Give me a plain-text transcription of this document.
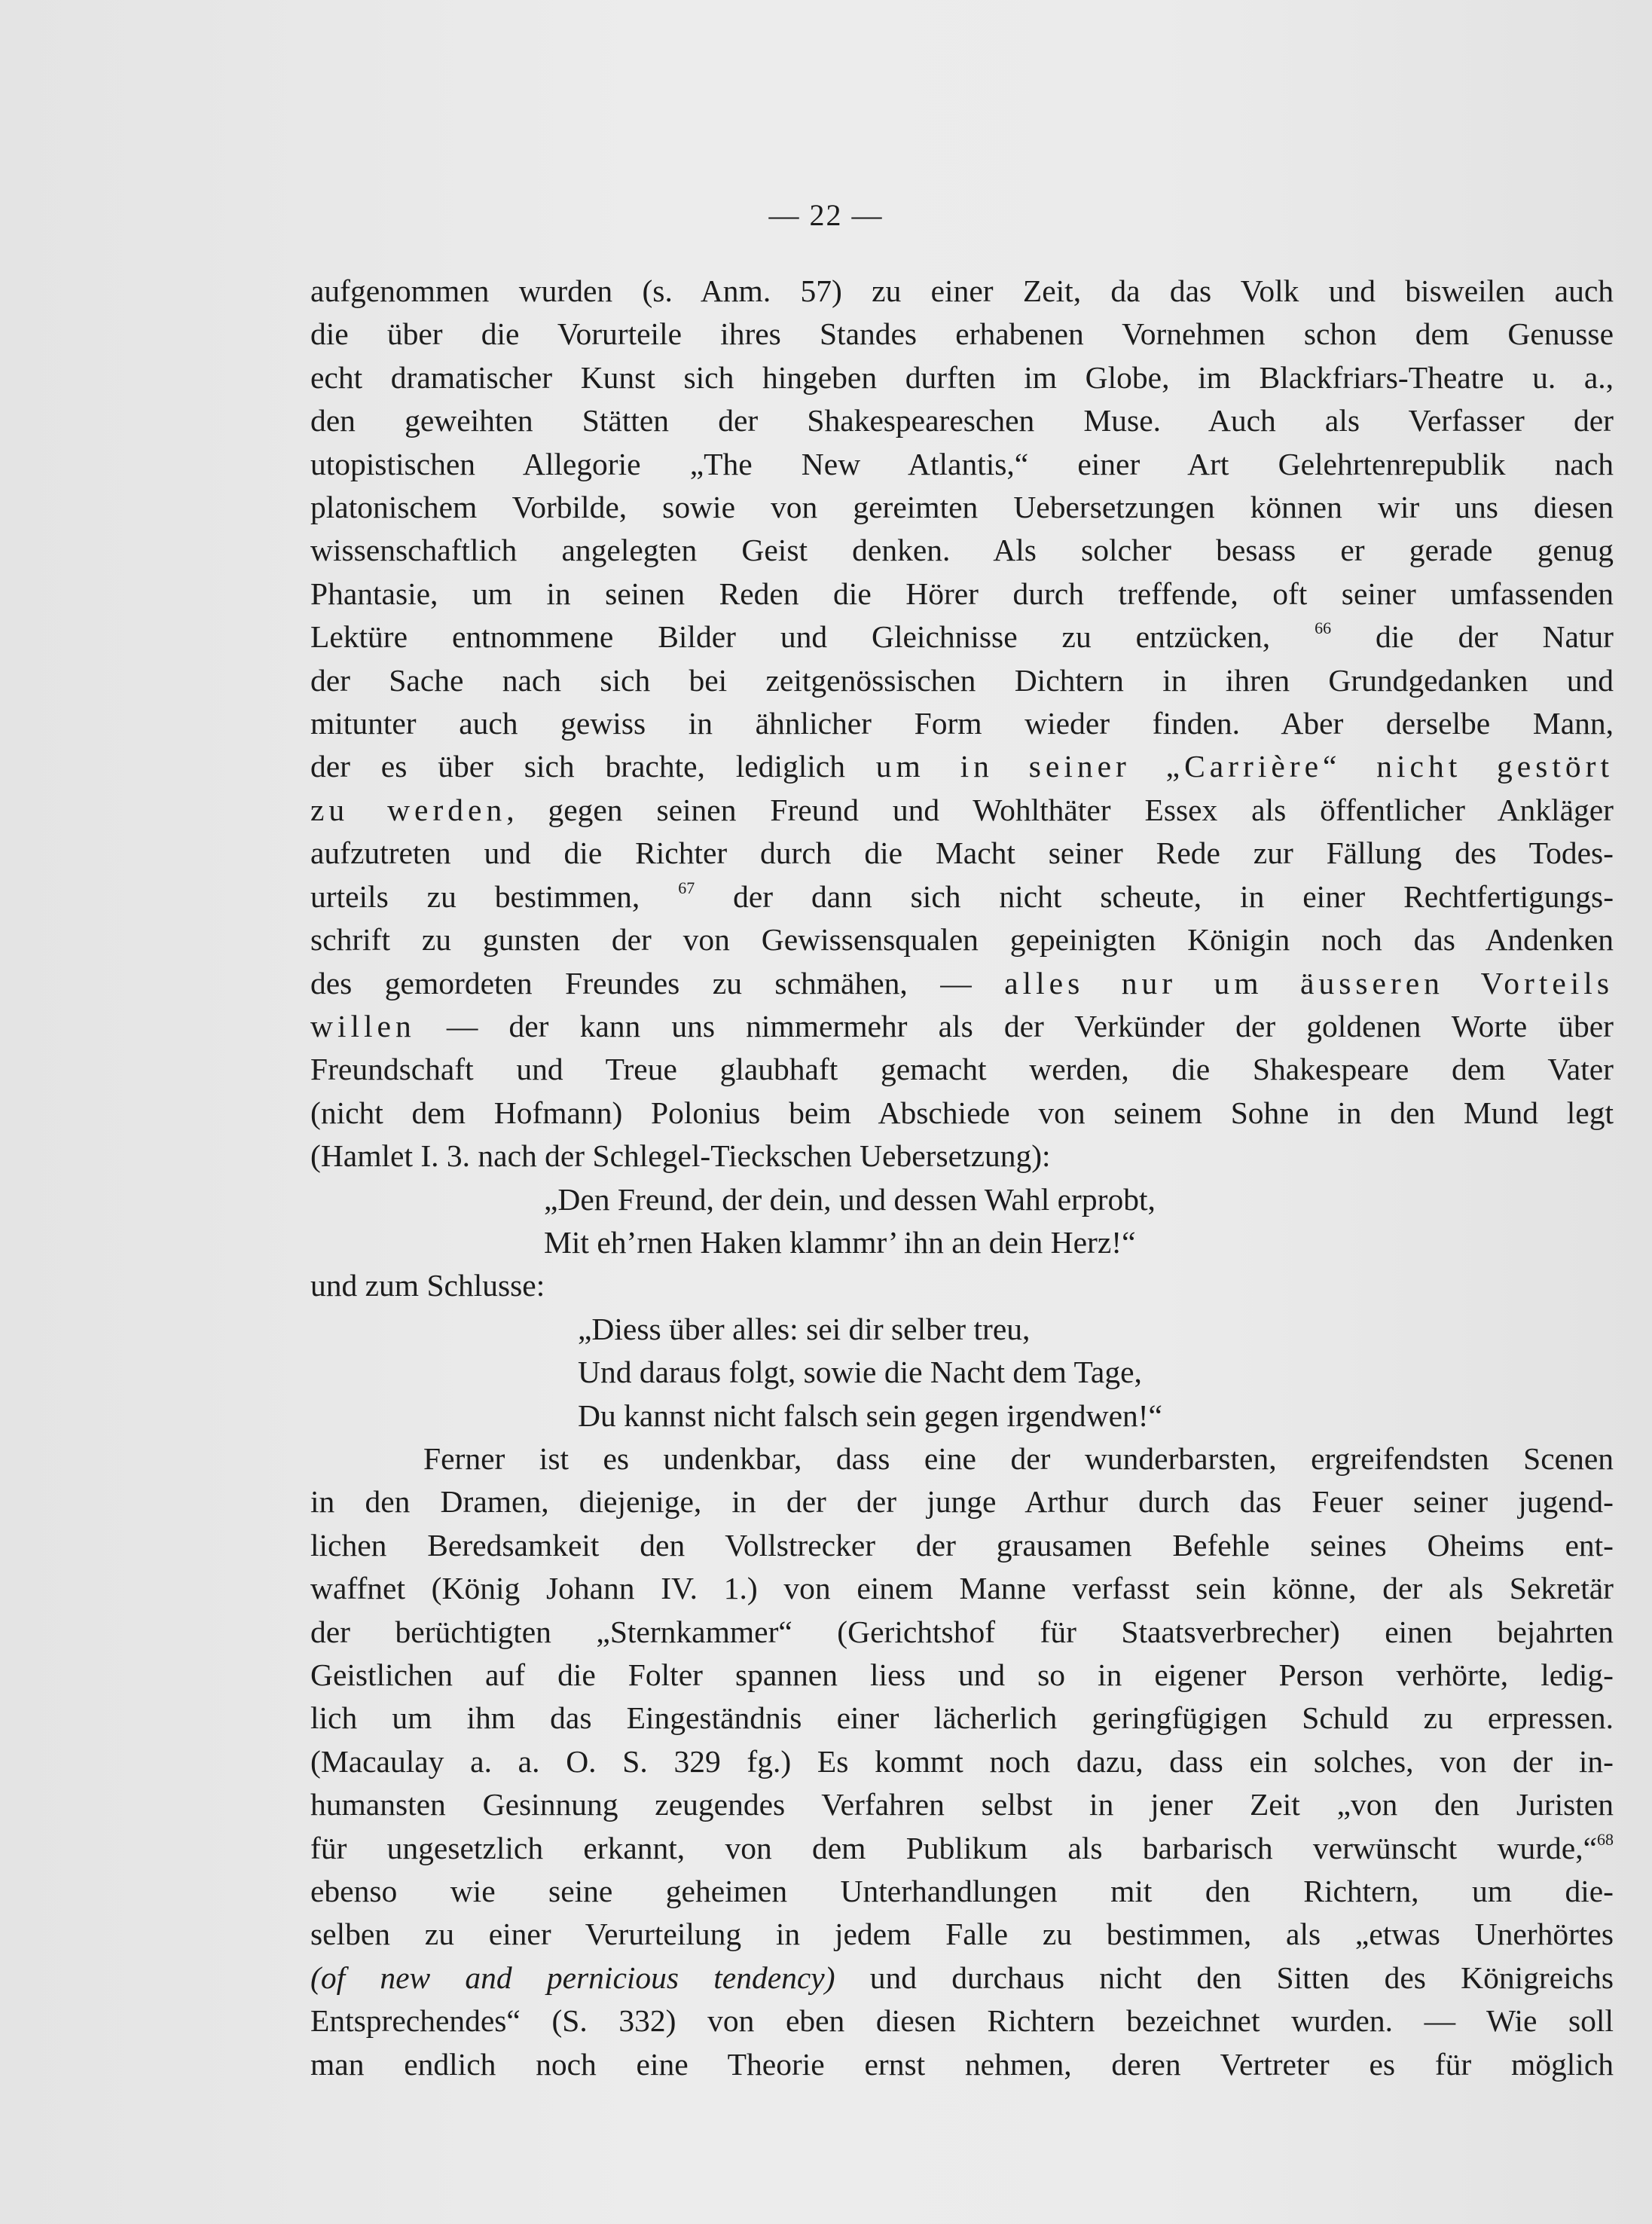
— 22 —
aufgenommen wurden (s. Anm. 57) zu einer Zeit, da das Volk und bisweilen auch
die über die Vorurteile ihres Standes erhabenen Vornehmen schon dem Genusse
echt dramatischer Kunst sich hingeben durften im Globe, im Blackfriars-Theatre u. a.,
den geweihten Stätten der Shakespeareschen Muse. Auch als Verfasser der
utopistischen Allegorie „The New Atlantis,“ einer Art Gelehrtenrepublik nach
platonischem Vorbilde, sowie von gereimten Uebersetzungen können wir uns diesen
wissenschaftlich angelegten Geist denken. Als solcher besass er gerade genug
Phantasie, um in seinen Reden die Hörer durch treffende, oft seiner umfassenden
Lektüre entnommene Bilder und Gleichnisse zu entzücken,	$^{66}$ die der Natur
der Sache nach sich bei zeitgenössischen Dichtern in ihren Grundgedanken und
mitunter auch gewiss in ähnlicher Form wieder finden. Aber derselbe Mann,
der es über sich brachte, lediglich um in seiner „Carrière“ nicht gestört
zu werden, gegen seinen Freund und Wohlthäter Essex als öffentlicher Ankläger
aufzutreten und die Richter durch die Macht seiner Rede zur Fällung des Todes-
urteils zu bestimmen, $^{67}$ der dann sich nicht scheute, in einer Rechtfertigungs-
schrift zu gunsten der von Gewissensqualen gepeinigten Königin noch das Andenken
des gemordeten Freundes zu schmähen, — alles nur um äusseren Vorteils
willen — der kann uns nimmermehr als der Verkünder der goldenen Worte über
Freundschaft und Treue glaubhaft gemacht werden, die Shakespeare dem Vater
(nicht dem Hofmann) Polonius beim Abschiede von seinem Sohne in den Mund legt
(Hamlet I. 3. nach der Schlegel-Tieckschen Uebersetzung):
„Den Freund, der dein, und dessen Wahl erprobt,
Mit eh’rnen Haken klammr’ ihn an dein Herz!“
und zum Schlusse:
„Diess über alles: sei dir selber treu,
Und daraus folgt, sowie die Nacht dem Tage,
Du kannst nicht falsch sein gegen irgendwen!“
Ferner ist es undenkbar, dass eine der wunderbarsten, ergreifendsten Scenen
in den Dramen, diejenige, in der der junge Arthur durch das Feuer seiner jugend-
lichen Beredsamkeit den Vollstrecker der grausamen Befehle seines Oheims ent-
waffnet (König Johann IV. 1.) von einem Manne verfasst sein könne, der als Sekretär
der berüchtigten „Sternkammer“ (Gerichtshof für Staatsverbrecher) einen bejahrten
Geistlichen auf die Folter spannen liess und so in eigener Person verhörte, ledig-
lich um ihm das Eingeständnis einer lächerlich geringfügigen Schuld zu erpressen.
(Macaulay a. a. O. S. 329 fg.) Es kommt noch dazu, dass ein solches, von der in-
humansten Gesinnung zeugendes Verfahren selbst in jener Zeit „von den Juristen
für ungesetzlich erkannt, von dem Publikum als barbarisch verwünscht wurde,“$^{68}$
ebenso wie seine geheimen Unterhandlungen mit den Richtern, um die-
selben zu einer Verurteilung in jedem Falle zu bestimmen, als „etwas Unerhörtes
(of new and pernicious tendency) und durchaus nicht den Sitten des Königreichs
Entsprechendes“ (S. 332) von eben diesen Richtern bezeichnet wurden. — Wie soll
man endlich noch eine Theorie ernst nehmen, deren Vertreter es für möglich
